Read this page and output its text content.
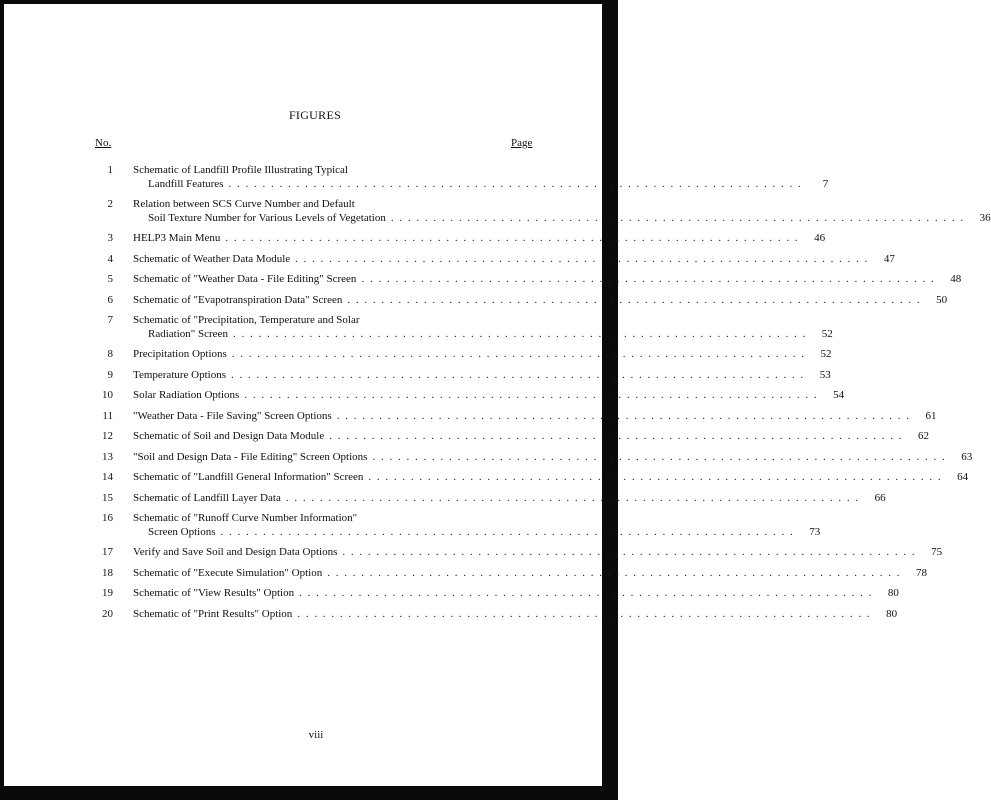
FIGURES
No.	Page
1 Schematic of Landfill Profile Illustrating Typical
Landfill Features . . . . . . . . . . . . . . . . . . . . . . . . . . . . . . . . . . . . . . . . . . . . . . . . . . . . . . . . . . . . . . . . . . . .	7
2 Relation between SCS Curve Number and Default
Soil Texture Number for Various Levels of Vegetation . . . . . . . . . . . . . . . . . . . . . . . . . . . . . . . . . . . . . . . . . . . . . . . . . . . . . . . . . . . . . . . . . . . .	36
3 HELP3 Main Menu . . . . . . . . . . . . . . . . . . . . . . . . . . . . . . . . . . . . . . . . . . . . . . . . . . . . . . . . . . . . . . . . . . . .	46
4 Schematic of Weather Data Module . . . . . . . . . . . . . . . . . . . . . . . . . . . . . . . . . . . . . . . . . . . . . . . . . . . . . . . . . . . . . . . . . . . .	47
5 Schematic of "Weather Data - File Editing" Screen . . . . . . . . . . . . . . . . . . . . . . . . . . . . . . . . . . . . . . . . . . . . . . . . . . . . . . . . . . . . . . . . . . . .	48
6 Schematic of "Evapotranspiration Data" Screen . . . . . . . . . . . . . . . . . . . . . . . . . . . . . . . . . . . . . . . . . . . . . . . . . . . . . . . . . . . . . . . . . . . .	50
7 Schematic of "Precipitation, Temperature and Solar
Radiation" Screen . . . . . . . . . . . . . . . . . . . . . . . . . . . . . . . . . . . . . . . . . . . . . . . . . . . . . . . . . . . . . . . . . . . .	52
8 Precipitation Options . . . . . . . . . . . . . . . . . . . . . . . . . . . . . . . . . . . . . . . . . . . . . . . . . . . . . . . . . . . . . . . . . . . .	52
9 Temperature Options . . . . . . . . . . . . . . . . . . . . . . . . . . . . . . . . . . . . . . . . . . . . . . . . . . . . . . . . . . . . . . . . . . . .	53
10 Solar Radiation Options . . . . . . . . . . . . . . . . . . . . . . . . . . . . . . . . . . . . . . . . . . . . . . . . . . . . . . . . . . . . . . . . . . . .	54
11 "Weather Data - File Saving" Screen Options . . . . . . . . . . . . . . . . . . . . . . . . . . . . . . . . . . . . . . . . . . . . . . . . . . . . . . . . . . . . . . . . . . . .	61
12 Schematic of Soil and Design Data Module . . . . . . . . . . . . . . . . . . . . . . . . . . . . . . . . . . . . . . . . . . . . . . . . . . . . . . . . . . . . . . . . . . . .	62
13 "Soil and Design Data - File Editing" Screen Options . . . . . . . . . . . . . . . . . . . . . . . . . . . . . . . . . . . . . . . . . . . . . . . . . . . . . . . . . . . . . . . . . . . .	63
14 Schematic of "Landfill General Information" Screen . . . . . . . . . . . . . . . . . . . . . . . . . . . . . . . . . . . . . . . . . . . . . . . . . . . . . . . . . . . . . . . . . . . .	64
15 Schematic of Landfill Layer Data . . . . . . . . . . . . . . . . . . . . . . . . . . . . . . . . . . . . . . . . . . . . . . . . . . . . . . . . . . . . . . . . . . . .	66
16 Schematic of "Runoff Curve Number Information"
Screen Options . . . . . . . . . . . . . . . . . . . . . . . . . . . . . . . . . . . . . . . . . . . . . . . . . . . . . . . . . . . . . . . . . . . .	73
17 Verify and Save Soil and Design Data Options . . . . . . . . . . . . . . . . . . . . . . . . . . . . . . . . . . . . . . . . . . . . . . . . . . . . . . . . . . . . . . . . . . . .	75
18 Schematic of "Execute Simulation" Option . . . . . . . . . . . . . . . . . . . . . . . . . . . . . . . . . . . . . . . . . . . . . . . . . . . . . . . . . . . . . . . . . . . .	78
19 Schematic of "View Results" Option . . . . . . . . . . . . . . . . . . . . . . . . . . . . . . . . . . . . . . . . . . . . . . . . . . . . . . . . . . . . . . . . . . . .	80
20 Schematic of "Print Results" Option . . . . . . . . . . . . . . . . . . . . . . . . . . . . . . . . . . . . . . . . . . . . . . . . . . . . . . . . . . . . . . . . . . . .	80
viii
